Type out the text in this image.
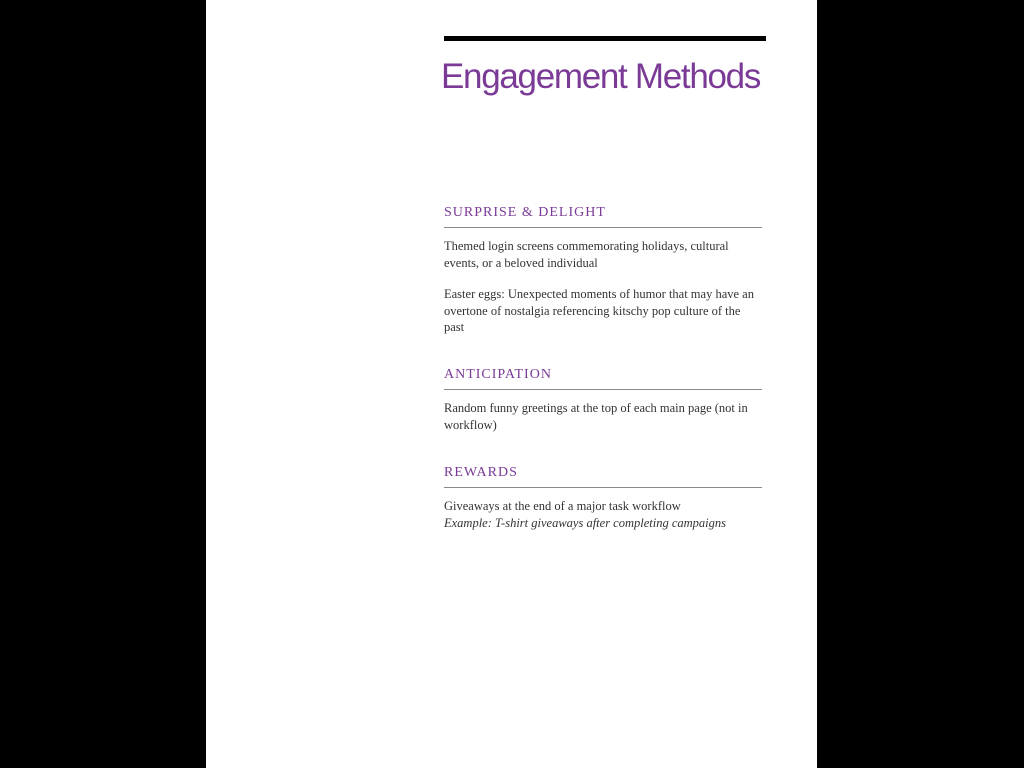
Engagement Methods
SURPRISE & DELIGHT

Themed login screens commemorating holidays, cultural events, or a beloved individual

Easter eggs: Unexpected moments of humor that may have an overtone of nostalgia referencing kitschy pop culture of the past

ANTICIPATION

Random funny greetings at the top of each main page (not in workflow)

REWARDS

Giveaways at the end of a major task workflow

Example: T-shirt giveaways after completing campaigns
